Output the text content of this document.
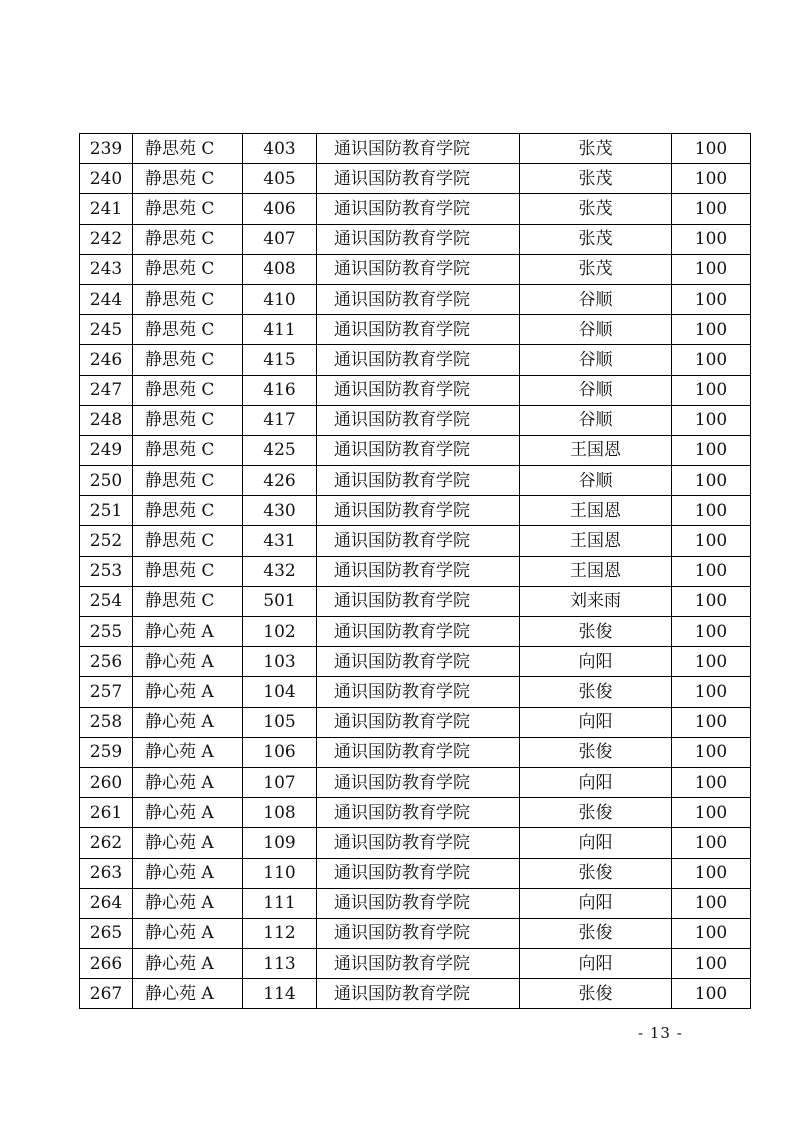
239	静思苑 C	403	通识国防教育学院	张茂	100
240	静思苑 C	405	通识国防教育学院	张茂	100
241	静思苑 C	406	通识国防教育学院	张茂	100
242	静思苑 C	407	通识国防教育学院	张茂	100
243	静思苑 C	408	通识国防教育学院	张茂	100
244	静思苑 C	410	通识国防教育学院	谷顺	100
245	静思苑 C	411	通识国防教育学院	谷顺	100
246	静思苑 C	415	通识国防教育学院	谷顺	100
247	静思苑 C	416	通识国防教育学院	谷顺	100
248	静思苑 C	417	通识国防教育学院	谷顺	100
249	静思苑 C	425	通识国防教育学院	王国恩	100
250	静思苑 C	426	通识国防教育学院	谷顺	100
251	静思苑 C	430	通识国防教育学院	王国恩	100
252	静思苑 C	431	通识国防教育学院	王国恩	100
253	静思苑 C	432	通识国防教育学院	王国恩	100
254	静思苑 C	501	通识国防教育学院	刘来雨	100
255	静心苑 A	102	通识国防教育学院	张俊	100
256	静心苑 A	103	通识国防教育学院	向阳	100
257	静心苑 A	104	通识国防教育学院	张俊	100
258	静心苑 A	105	通识国防教育学院	向阳	100
259	静心苑 A	106	通识国防教育学院	张俊	100
260	静心苑 A	107	通识国防教育学院	向阳	100
261	静心苑 A	108	通识国防教育学院	张俊	100
262	静心苑 A	109	通识国防教育学院	向阳	100
263	静心苑 A	110	通识国防教育学院	张俊	100
264	静心苑 A	111	通识国防教育学院	向阳	100
265	静心苑 A	112	通识国防教育学院	张俊	100
266	静心苑 A	113	通识国防教育学院	向阳	100
267	静心苑 A	114	通识国防教育学院	张俊	100
- 13 -
